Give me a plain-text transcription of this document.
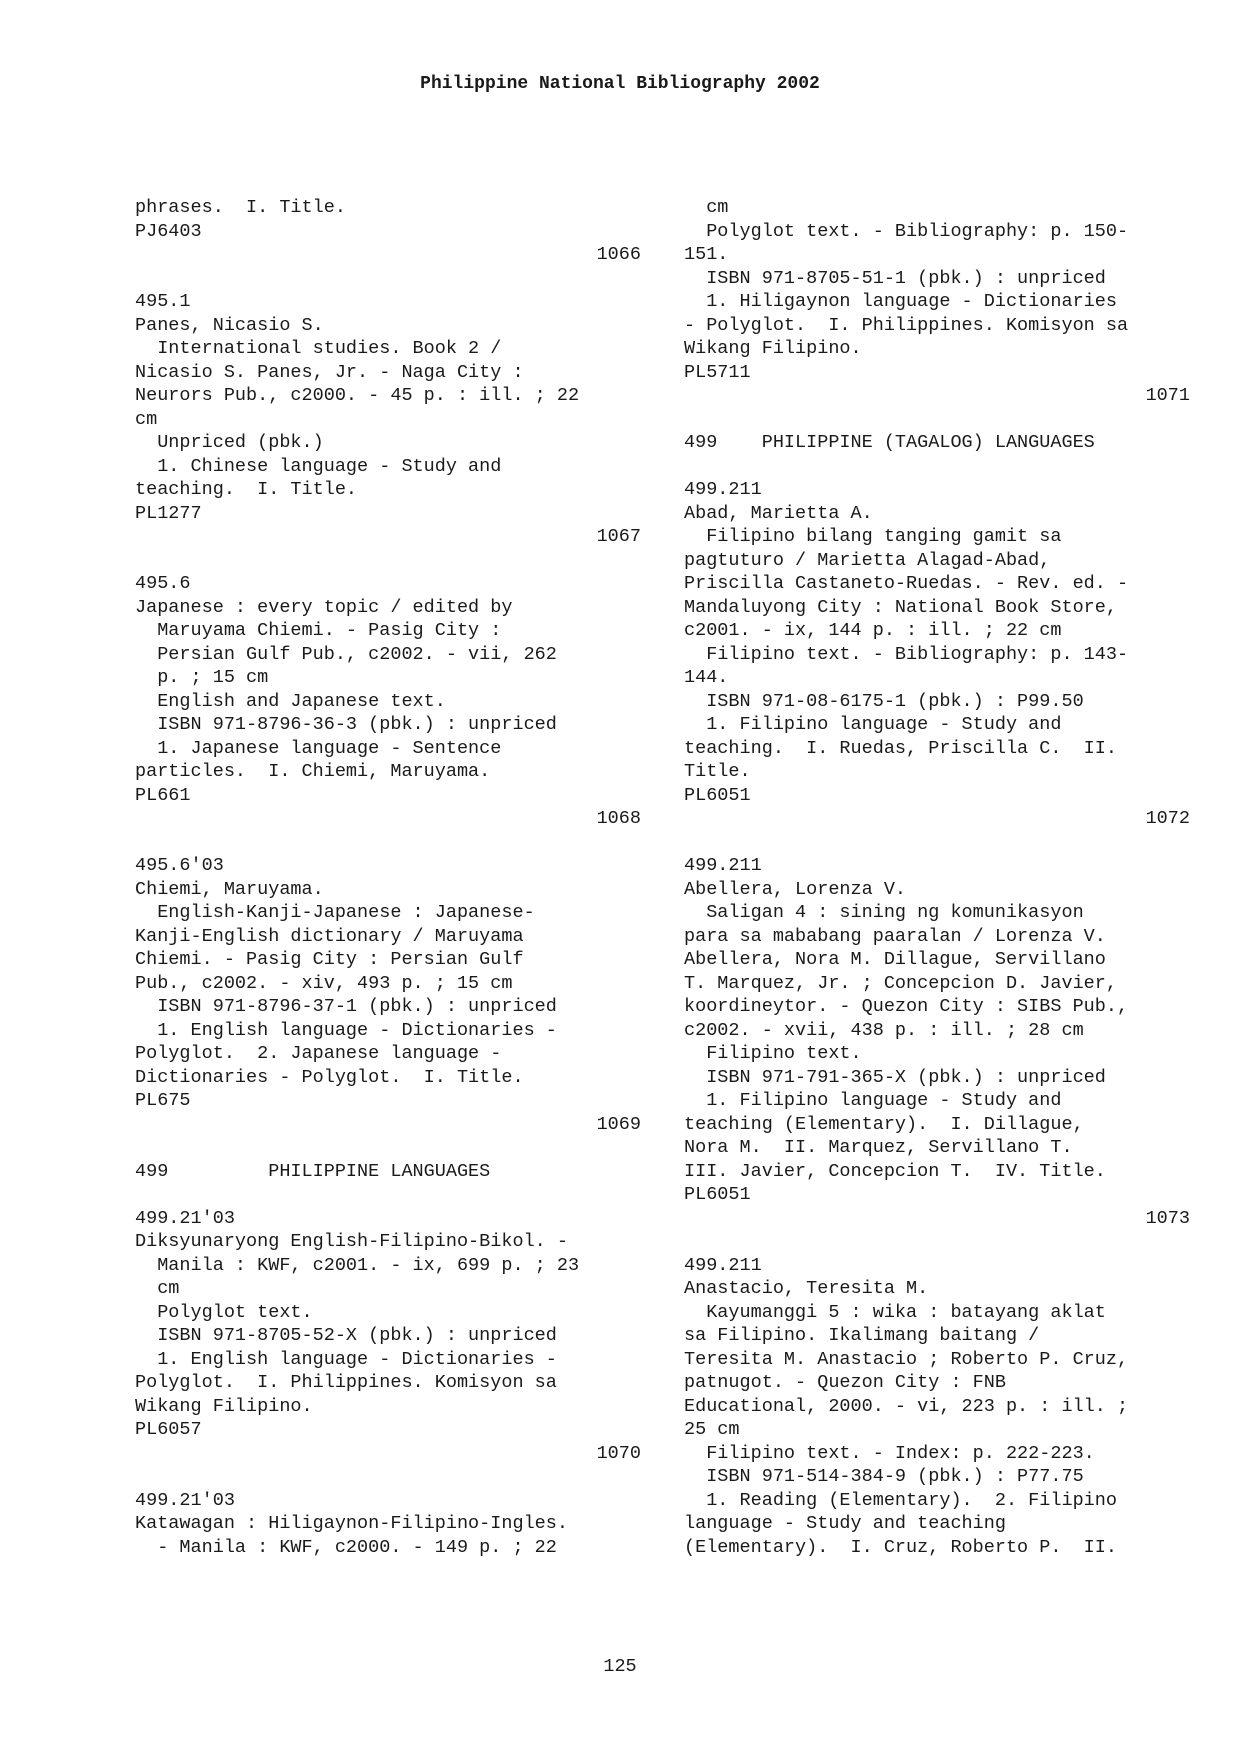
Philippine National Bibliography 2002
phrases.  I. Title.
PJ6403
1066
495.1
Panes, Nicasio S.
International studies. Book 2 /
Nicasio S. Panes, Jr. - Naga City :
Neurors Pub., c2000. - 45 p. : ill. ; 22
cm
Unpriced (pbk.)
1. Chinese language - Study and
teaching.  I. Title.
PL1277
1067
495.6
Japanese : every topic / edited by
Maruyama Chiemi. - Pasig City :
Persian Gulf Pub., c2002. - vii, 262
p. ; 15 cm
English and Japanese text.
ISBN 971-8796-36-3 (pbk.) : unpriced
1. Japanese language - Sentence
particles.  I. Chiemi, Maruyama.
PL661
1068
495.6'03
Chiemi, Maruyama.
English-Kanji-Japanese : Japanese-
Kanji-English dictionary / Maruyama
Chiemi. - Pasig City : Persian Gulf
Pub., c2002. - xiv, 493 p. ; 15 cm
ISBN 971-8796-37-1 (pbk.) : unpriced
1. English language - Dictionaries -
Polyglot.  2. Japanese language -
Dictionaries - Polyglot.  I. Title.
PL675
1069
499         PHILIPPINE LANGUAGES
499.21'03
Diksyunaryong English-Filipino-Bikol. -
Manila : KWF, c2001. - ix, 699 p. ; 23
cm
Polyglot text.
ISBN 971-8705-52-X (pbk.) : unpriced
1. English language - Dictionaries -
Polyglot.  I. Philippines. Komisyon sa
Wikang Filipino.
PL6057
1070
499.21'03
Katawagan : Hiligaynon-Filipino-Ingles.
- Manila : KWF, c2000. - 149 p. ; 22
cm
Polyglot text. - Bibliography: p. 150-
151.
ISBN 971-8705-51-1 (pbk.) : unpriced
1. Hiligaynon language - Dictionaries
- Polyglot.  I. Philippines. Komisyon sa
Wikang Filipino.
PL5711
1071
499    PHILIPPINE (TAGALOG) LANGUAGES
499.211
Abad, Marietta A.
Filipino bilang tanging gamit sa
pagtuturo / Marietta Alagad-Abad,
Priscilla Castaneto-Ruedas. - Rev. ed. -
Mandaluyong City : National Book Store,
c2001. - ix, 144 p. : ill. ; 22 cm
Filipino text. - Bibliography: p. 143-
144.
ISBN 971-08-6175-1 (pbk.) : P99.50
1. Filipino language - Study and
teaching.  I. Ruedas, Priscilla C.  II.
Title.
PL6051
1072
499.211
Abellera, Lorenza V.
Saligan 4 : sining ng komunikasyon
para sa mababang paaralan / Lorenza V.
Abellera, Nora M. Dillague, Servillano
T. Marquez, Jr. ; Concepcion D. Javier,
koordineytor. - Quezon City : SIBS Pub.,
c2002. - xvii, 438 p. : ill. ; 28 cm
Filipino text.
ISBN 971-791-365-X (pbk.) : unpriced
1. Filipino language - Study and
teaching (Elementary).  I. Dillague,
Nora M.  II. Marquez, Servillano T.
III. Javier, Concepcion T.  IV. Title.
PL6051
1073
499.211
Anastacio, Teresita M.
Kayumanggi 5 : wika : batayang aklat
sa Filipino. Ikalimang baitang /
Teresita M. Anastacio ; Roberto P. Cruz,
patnugot. - Quezon City : FNB
Educational, 2000. - vi, 223 p. : ill. ;
25 cm
Filipino text. - Index: p. 222-223.
ISBN 971-514-384-9 (pbk.) : P77.75
1. Reading (Elementary).  2. Filipino
language - Study and teaching
(Elementary).  I. Cruz, Roberto P.  II.
125
